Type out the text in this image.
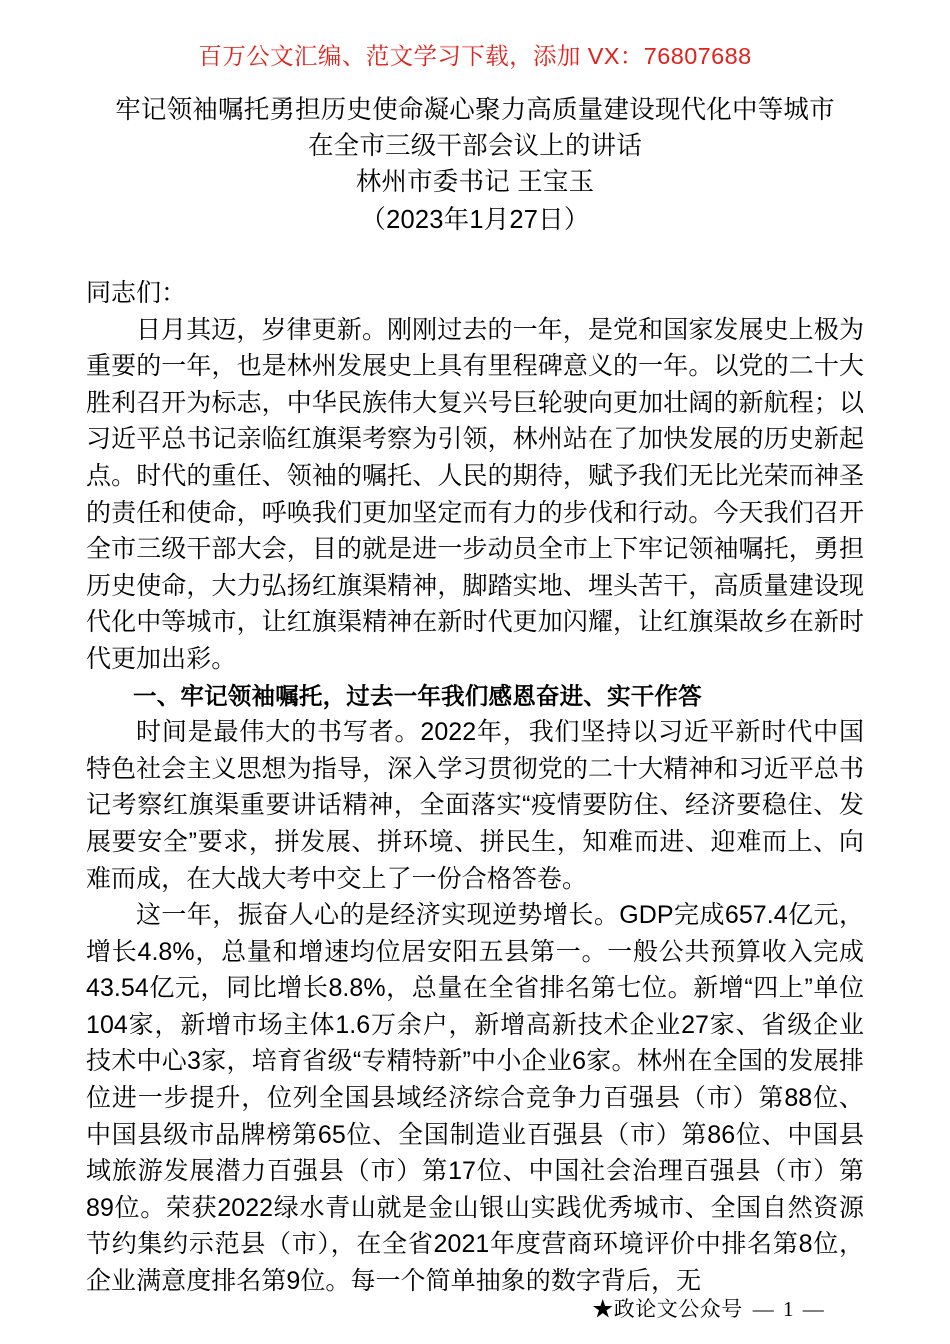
百万公文汇编、范文学习下载，添加 VX：76807688
牢记领袖嘱托勇担历史使命凝心聚力高质量建设现代化中等城市
在全市三级干部会议上的讲话
林州市委书记 王宝玉
（2023年1月27日）

同志们：

日月其迈，岁律更新。刚刚过去的一年，是党和国家发展史上极为重要的一年，也是林州发展史上具有里程碑意义的一年。以党的二十大胜利召开为标志，中华民族伟大复兴号巨轮驶向更加壮阔的新航程；以习近平总书记亲临红旗渠考察为引领，林州站在了加快发展的历史新起点。时代的重任、领袖的嘱托、人民的期待，赋予我们无比光荣而神圣的责任和使命，呼唤我们更加坚定而有力的步伐和行动。今天我们召开全市三级干部大会，目的就是进一步动员全市上下牢记领袖嘱托，勇担历史使命，大力弘扬红旗渠精神，脚踏实地、埋头苦干，高质量建设现代化中等城市，让红旗渠精神在新时代更加闪耀，让红旗渠故乡在新时代更加出彩。

一、牢记领袖嘱托，过去一年我们感恩奋进、实干作答

时间是最伟大的书写者。2022年，我们坚持以习近平新时代中国特色社会主义思想为指导，深入学习贯彻党的二十大精神和习近平总书记考察红旗渠重要讲话精神，全面落实“疫情要防住、经济要稳住、发展要安全”要求，拼发展、拼环境、拼民生，知难而进、迎难而上、向难而成，在大战大考中交上了一份合格答卷。

这一年，振奋人心的是经济实现逆势增长。GDP完成657.4亿元，增长4.8%，总量和增速均位居安阳五县第一。一般公共预算收入完成43.54亿元，同比增长8.8%，总量在全省排名第七位。新增“四上”单位104家，新增市场主体1.6万余户，新增高新技术企业27家、省级企业技术中心3家，培育省级“专精特新”中小企业6家。林州在全国的发展排位进一步提升，位列全国县域经济综合竞争力百强县（市）第88位、中国县级市品牌榜第65位、全国制造业百强县（市）第86位、中国县域旅游发展潜力百强县（市）第17位、中国社会治理百强县（市）第89位。荣获2022绿水青山就是金山银山实践优秀城市、全国自然资源节约集约示范县（市），在全省2021年度营商环境评价中排名第8位，企业满意度排名第9位。每一个简单抽象的数字背后，无

★政论文公众号 — 1 —
